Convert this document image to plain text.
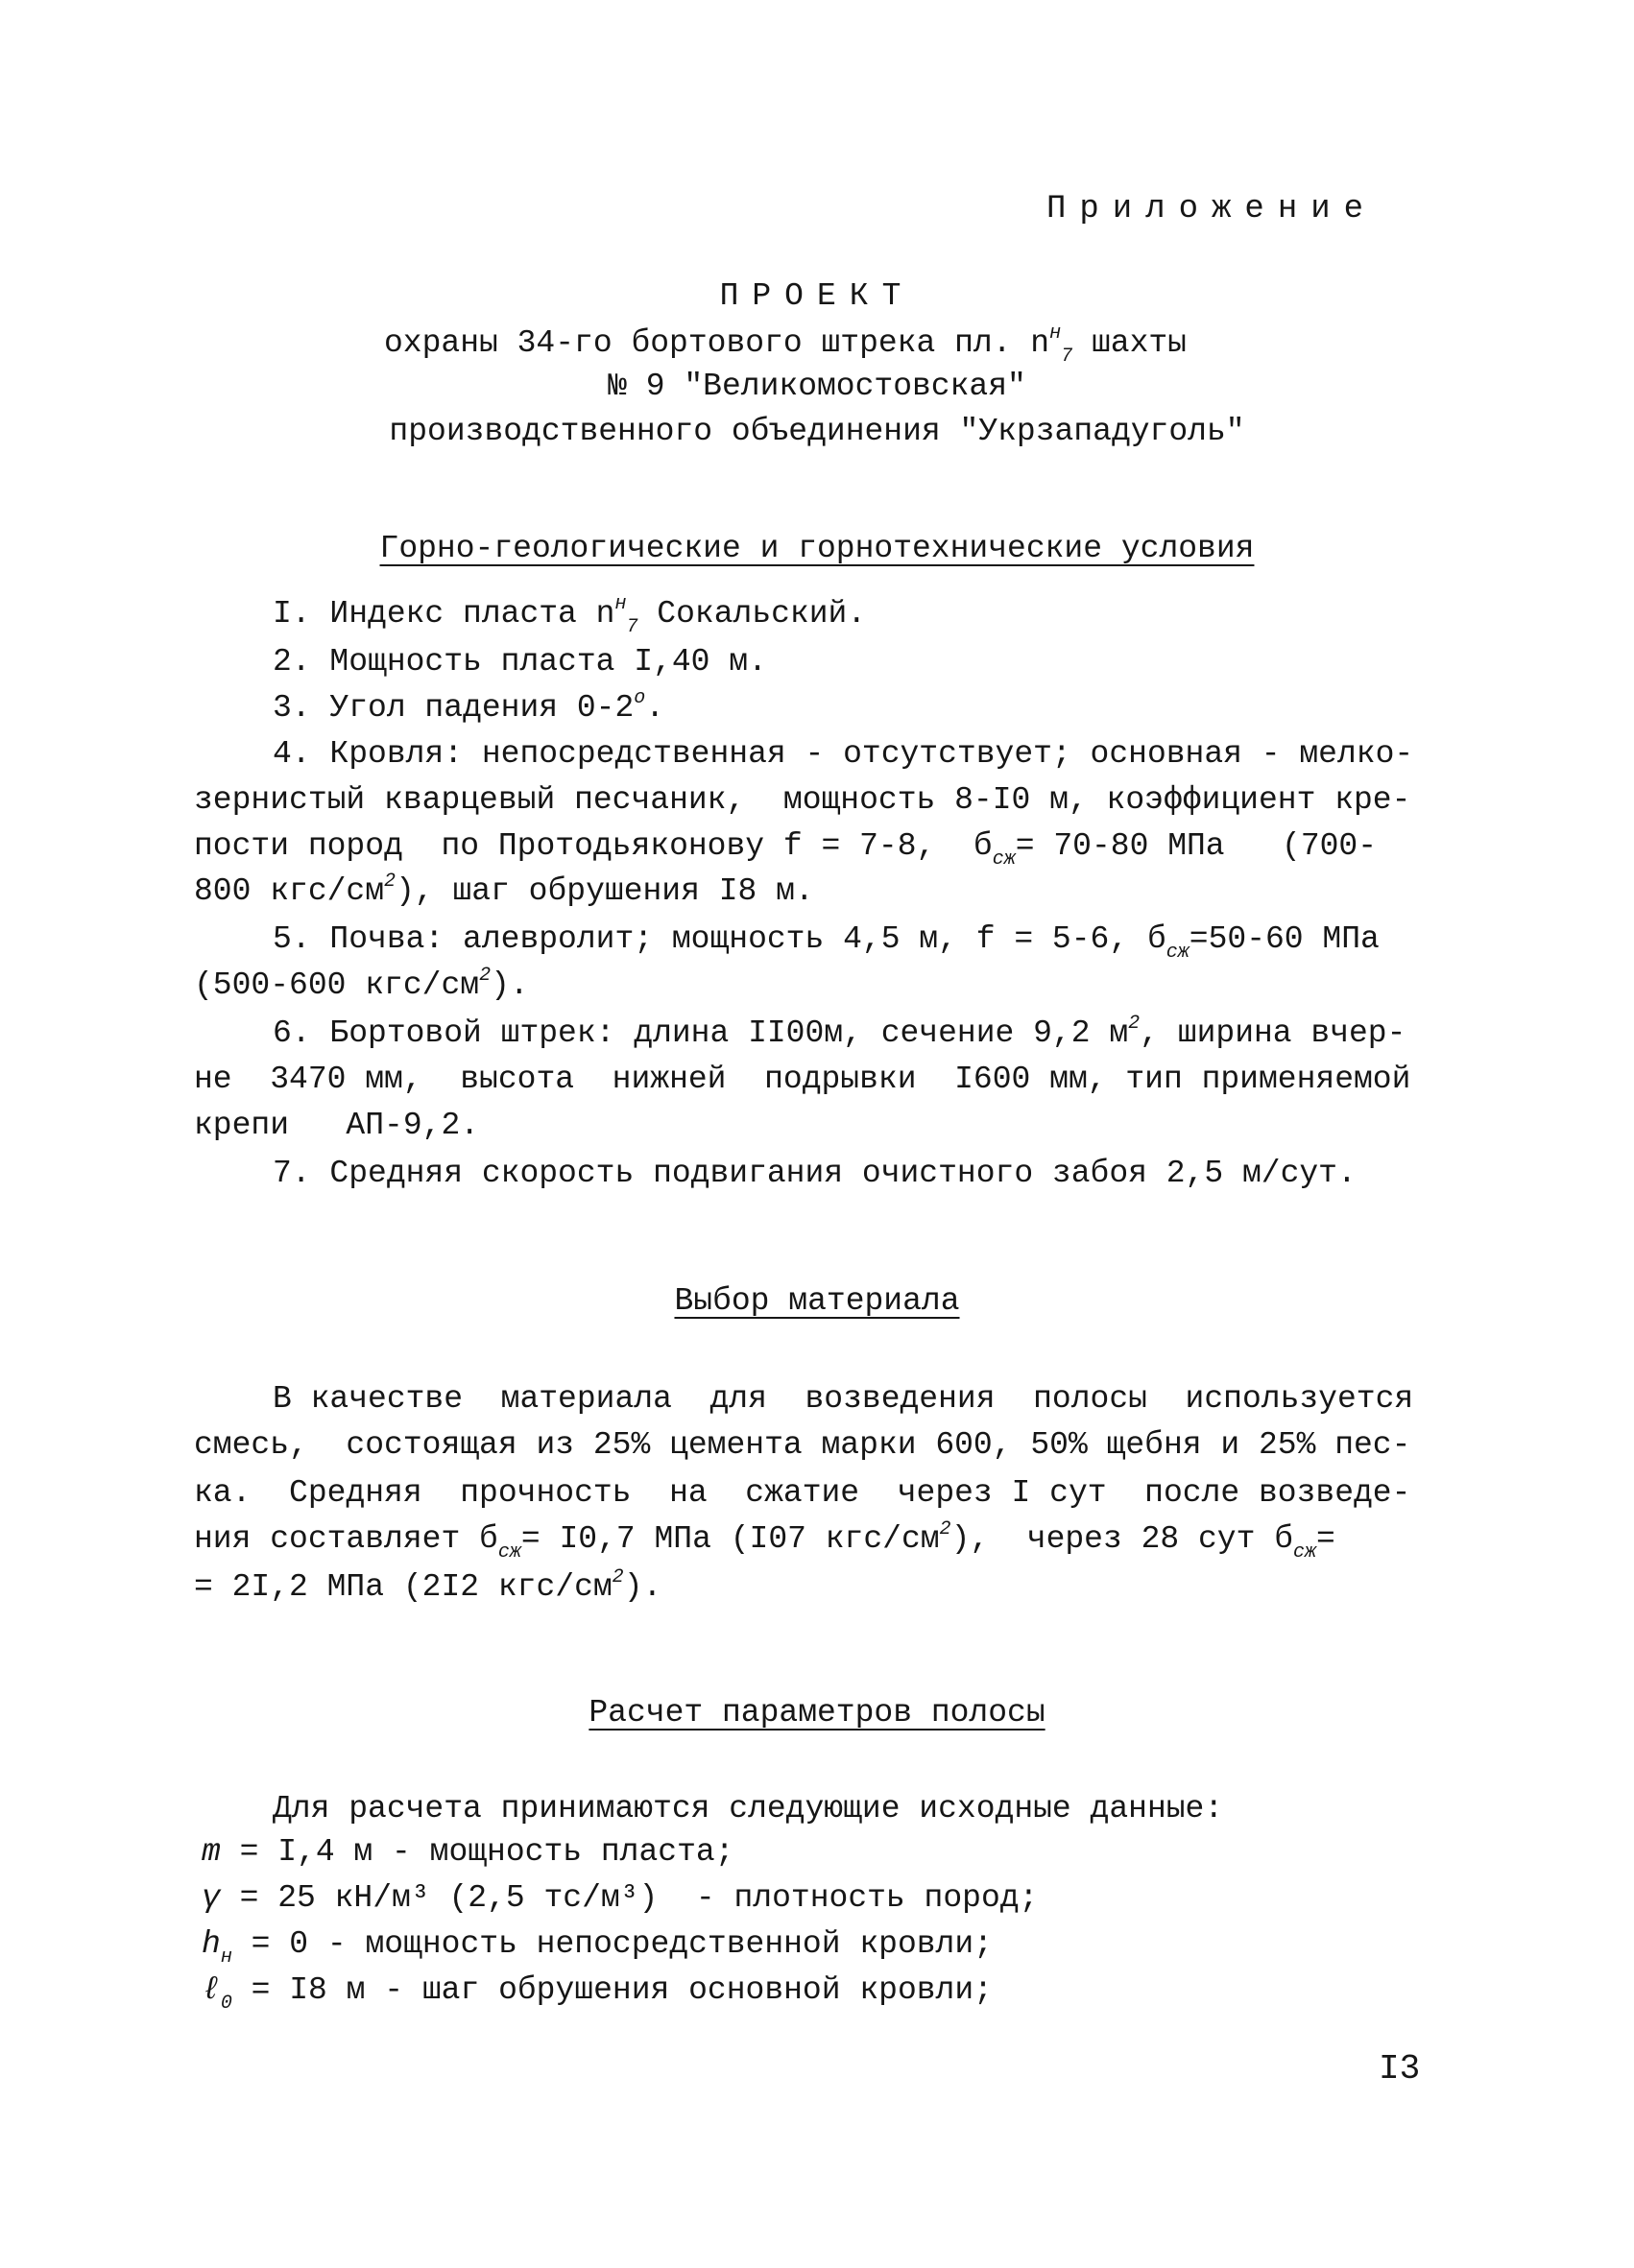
Приложение
ПРОЕКТ
охраны 34-го бортового штрека пл. $n^н_7$ шахты
№ 9 "Великомостовская"
производственного объединения "Укрзападуголь"
Горно-геологические и горнотехнические условия
I. Индекс пласта $n^н_7$ Сокальский.
2. Мощность пласта I,40 м.
3. Угол падения $0-2^о$.
4. Кровля: непосредственная - отсутствует; основная - мелко-
зернистый кварцевый песчаник,  мощность 8-I0 м, коэффициент кре-
пости пород  по Протодьяконову f = 7-8,  $б_{сж}= 70-80$ МПа   (700-
800 кгс/$см^2$), шаг обрушения I8 м.
5. Почва: алевролит; мощность 4,5 м, f = 5-6, $б_{сж}=50-60$ МПа
(500-600 кгс/$см^2$).
6. Бортовой штрек: длина II00м, сечение 9,2 $м^2$, ширина вчер-
не  3470 мм,  высота  нижней  подрывки  I600 мм, тип применяемой
крепи   АП-9,2.
7. Средняя скорость подвигания очистного забоя 2,5 м/сут.
Выбор материала
В качестве  материала  для  возведения  полосы  используется
смесь,  состоящая из 25% цемента марки 600, 50% щебня и 25% пес-
ка.  Средняя  прочность  на  сжатие  через I сут  после возведе-
ния составляет $б_{сж}= I0,7$ МПа (I07 кгс/$см^2$),  через 28 сут $б_{сж}=$
= 2I,2 МПа (2I2 кгс/$см^2$).
Расчет параметров полосы
Для расчета принимаются следующие исходные данные:
m = I,4 м - мощность пласта;
γ = 25 кН/м³ (2,5 тс/м³)  - плотность пород;
$h_н = 0$ - мощность непосредственной кровли;
ℓ$_0$ = I8 м - шаг обрушения основной кровли;
I3
